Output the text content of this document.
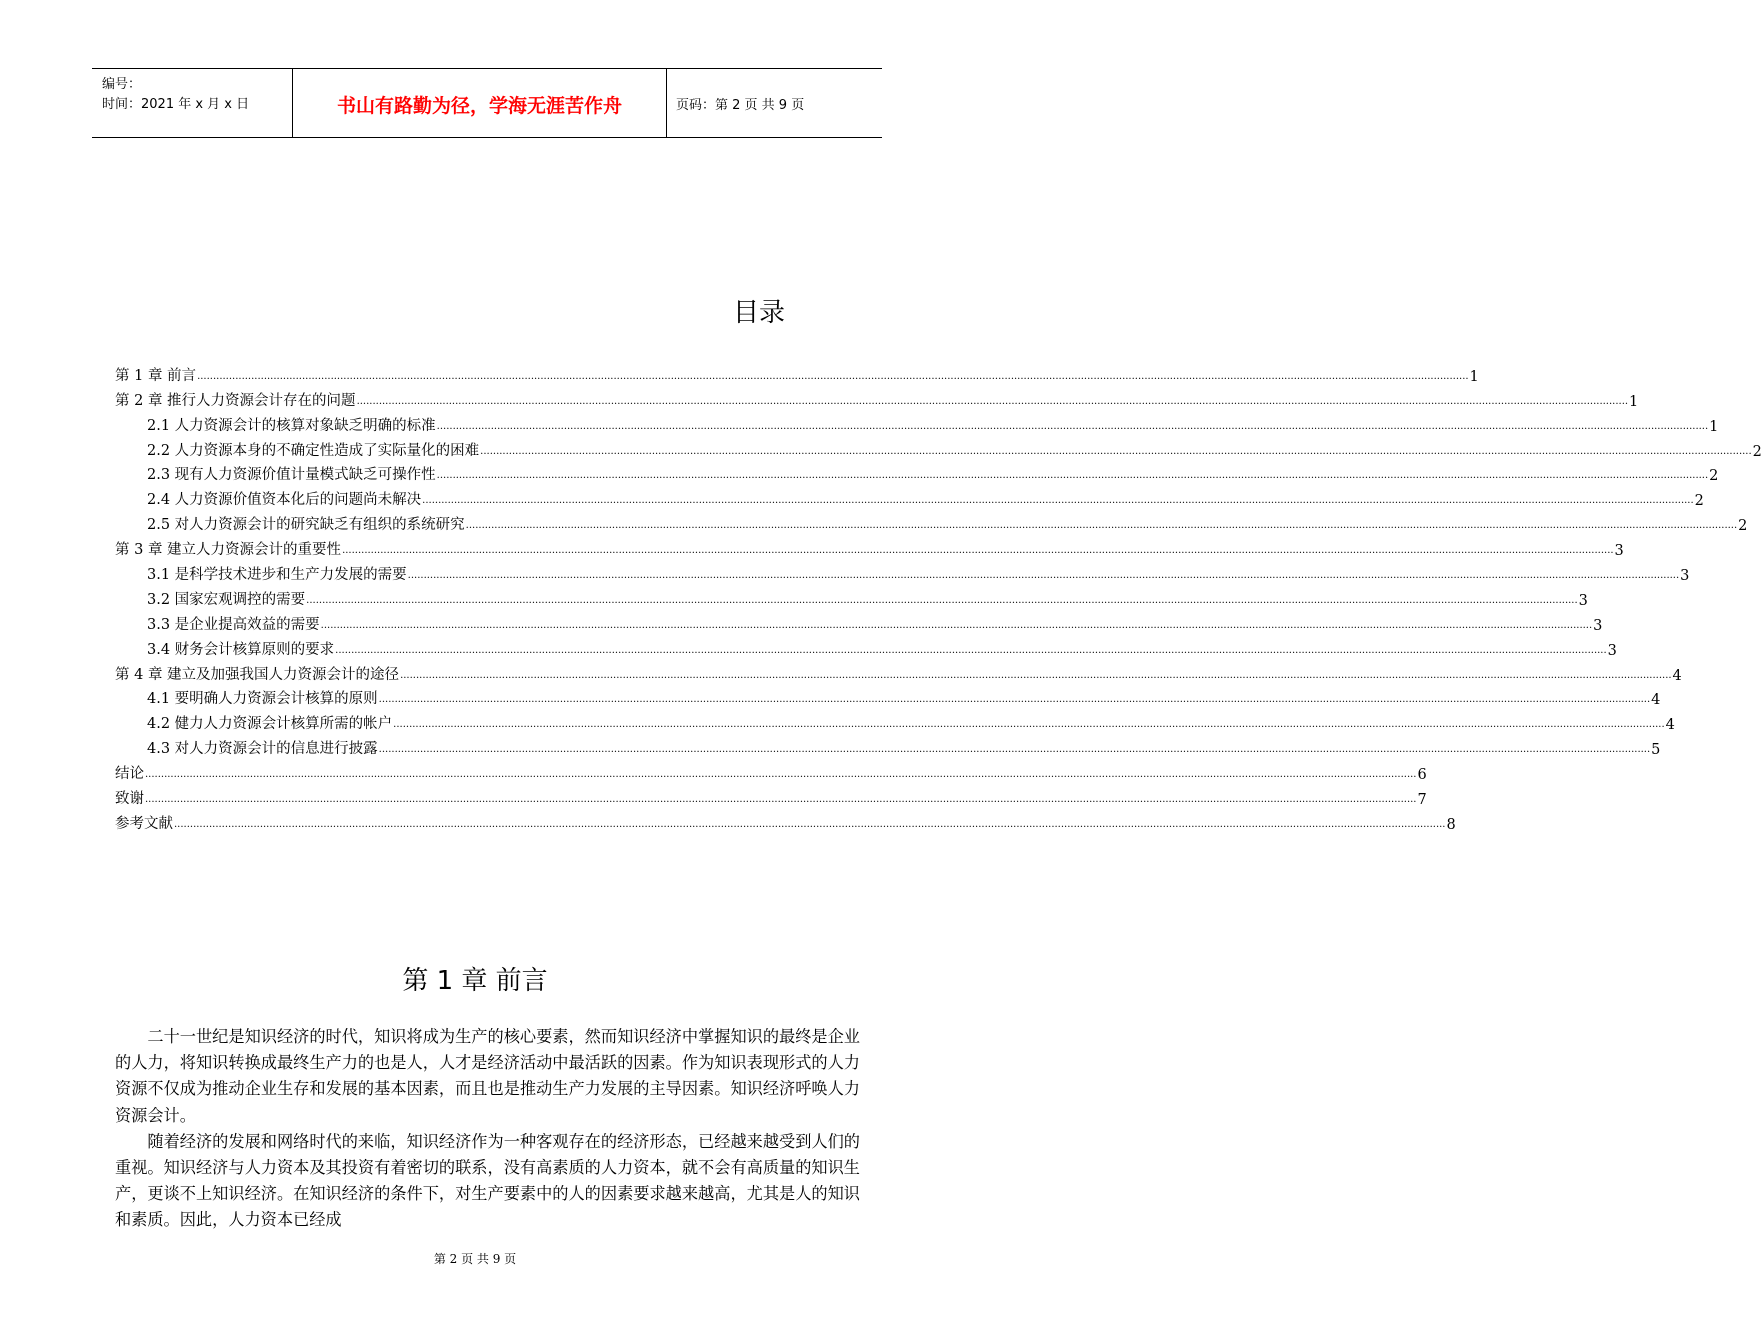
编号：
时间：2021 年 x 月 x 日	书山有路勤为径，学海无涯苦作舟	页码：第 2 页 共 9 页
目录
第 1 章 前言 ................................................................................................................................................................................................................................................................................................................................................................................................................ 1
第 2 章 推行人力资源会计存在的问题 ................................................................................................................................................................................................................................................................................................................................................................................................................ 1
2.1 人力资源会计的核算对象缺乏明确的标准 ................................................................................................................................................................................................................................................................................................................................................................................................................ 1
2.2 人力资源本身的不确定性造成了实际量化的困难 ................................................................................................................................................................................................................................................................................................................................................................................................................ 2
2.3 现有人力资源价值计量模式缺乏可操作性 ................................................................................................................................................................................................................................................................................................................................................................................................................ 2
2.4 人力资源价值资本化后的问题尚未解决 ................................................................................................................................................................................................................................................................................................................................................................................................................ 2
2.5 对人力资源会计的研究缺乏有组织的系统研究 ................................................................................................................................................................................................................................................................................................................................................................................................................ 2
第 3 章 建立人力资源会计的重要性 ................................................................................................................................................................................................................................................................................................................................................................................................................ 3
3.1 是科学技术进步和生产力发展的需要 ................................................................................................................................................................................................................................................................................................................................................................................................................ 3
3.2 国家宏观调控的需要 ................................................................................................................................................................................................................................................................................................................................................................................................................ 3
3.3 是企业提高效益的需要 ................................................................................................................................................................................................................................................................................................................................................................................................................ 3
3.4 财务会计核算原则的要求 ................................................................................................................................................................................................................................................................................................................................................................................................................ 3
第 4 章 建立及加强我国人力资源会计的途径 ................................................................................................................................................................................................................................................................................................................................................................................................................ 4
4.1 要明确人力资源会计核算的原则 ................................................................................................................................................................................................................................................................................................................................................................................................................ 4
4.2 健力人力资源会计核算所需的帐户 ................................................................................................................................................................................................................................................................................................................................................................................................................ 4
4.3 对人力资源会计的信息进行披露 ................................................................................................................................................................................................................................................................................................................................................................................................................ 5
结论 ................................................................................................................................................................................................................................................................................................................................................................................................................ 6
致谢 ................................................................................................................................................................................................................................................................................................................................................................................................................ 7
参考文献 ................................................................................................................................................................................................................................................................................................................................................................................................................ 8
第 1 章 前言

二十一世纪是知识经济的时代，知识将成为生产的核心要素，然而知识经济中掌握知识的最终是企业的人力，将知识转换成最终生产力的也是人，人才是经济活动中最活跃的因素。作为知识表现形式的人力资源不仅成为推动企业生存和发展的基本因素，而且也是推动生产力发展的主导因素。知识经济呼唤人力资源会计。

随着经济的发展和网络时代的来临，知识经济作为一种客观存在的经济形态，已经越来越受到人们的重视。知识经济与人力资本及其投资有着密切的联系，没有高素质的人力资本，就不会有高质量的知识生产，更谈不上知识经济。在知识经济的条件下，对生产要素中的人的因素要求越来越高，尤其是人的知识和素质。因此，人力资本已经成

第 2 页 共 9 页
